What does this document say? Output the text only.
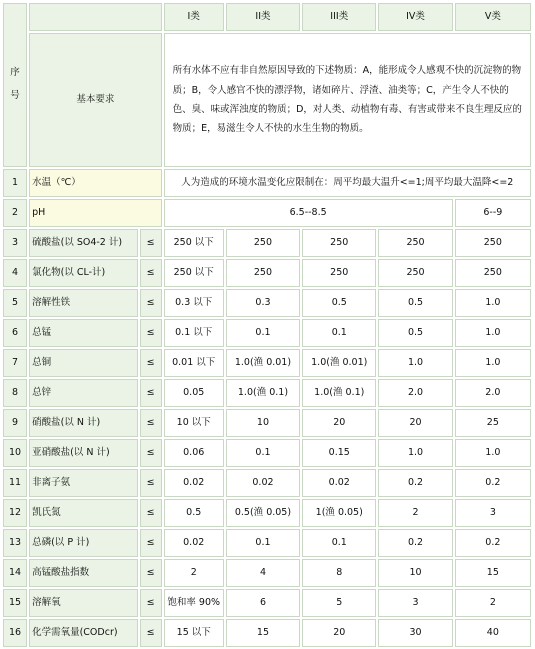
序号			I类	II类	III类	IV类	V类
	基本要求		所有水体不应有非自然原因导致的下述物质：A，能形成令人感观不快的沉淀物的物质；B，令人感官不快的漂浮物，诸如碎片、浮渣、油类等；C，产生令人不快的色、臭、味或浑浊度的物质；D，对人类、动植物有毒、有害或带来不良生理反应的物质；E，易滋生令人不快的水生生物的物质。				
1	水温（℃）		人为造成的环境水温变化应限制在：周平均最大温升<=1;周平均最大温降<=2				
2	pH		6.5--8.5				6--9
3	硫酸盐(以 SO4-2 计)	≤	250 以下	250	250	250	250
4	氯化物(以 CL-计)	≤	250 以下	250	250	250	250
5	溶解性铁	≤	0.3 以下	0.3	0.5	0.5	1.0
6	总锰	≤	0.1 以下	0.1	0.1	0.5	1.0
7	总铜	≤	0.01 以下	1.0(渔 0.01)	1.0(渔 0.01)	1.0	1.0
8	总锌	≤	0.05	1.0(渔 0.1)	1.0(渔 0.1)	2.0	2.0
9	硝酸盐(以 N 计)	≤	10 以下	10	20	20	25
10	亚硝酸盐(以 N 计)	≤	0.06	0.1	0.15	1.0	1.0
11	非离子氨	≤	0.02	0.02	0.02	0.2	0.2
12	凯氏氮	≤	0.5	0.5(渔 0.05)	1(渔 0.05)	2	3
13	总磷(以 P 计)	≤	0.02	0.1	0.1	0.2	0.2
14	高锰酸盐指数	≤	2	4	8	10	15
15	溶解氧	≤	饱和率 90%	6	5	3	2
16	化学需氧量(CODcr)	≤	15 以下	15	20	30	40
